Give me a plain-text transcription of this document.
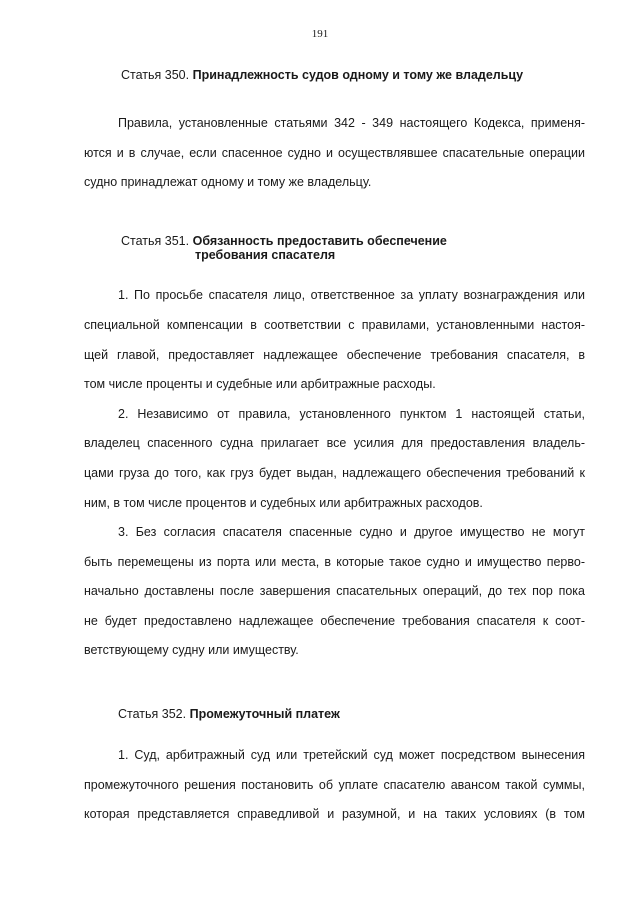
191
Статья 350. Принадлежность судов одному и тому же владельцу
Правила, установленные статьями 342 - 349 настоящего Кодекса, применя-
ются и в случае, если спасенное судно и осуществлявшее спасательные операции
судно принадлежат одному и тому же владельцу.
Статья 351. Обязанность предоставить обеспечение
требования спасателя
1. По просьбе спасателя лицо, ответственное за уплату вознаграждения или
специальной компенсации в соответствии с правилами, установленными настоя-
щей главой, предоставляет надлежащее обеспечение требования спасателя, в
том числе проценты и судебные или арбитражные расходы.
2. Независимо от правила, установленного пунктом 1 настоящей статьи,
владелец спасенного судна прилагает все усилия для предоставления владель-
цами груза до того, как груз будет выдан, надлежащего обеспечения требований к
ним, в том числе процентов и судебных или арбитражных расходов.
3. Без согласия спасателя спасенные судно и другое имущество не могут
быть перемещены из порта или места, в которые такое судно и имущество перво-
начально доставлены после завершения спасательных операций, до тех пор пока
не будет предоставлено надлежащее обеспечение требования спасателя к соот-
ветствующему судну или имуществу.
Статья 352. Промежуточный платеж
1. Суд, арбитражный суд или третейский суд может посредством вынесения
промежуточного решения постановить об уплате спасателю авансом такой суммы,
которая представляется справедливой и разумной, и на таких условиях (в том
